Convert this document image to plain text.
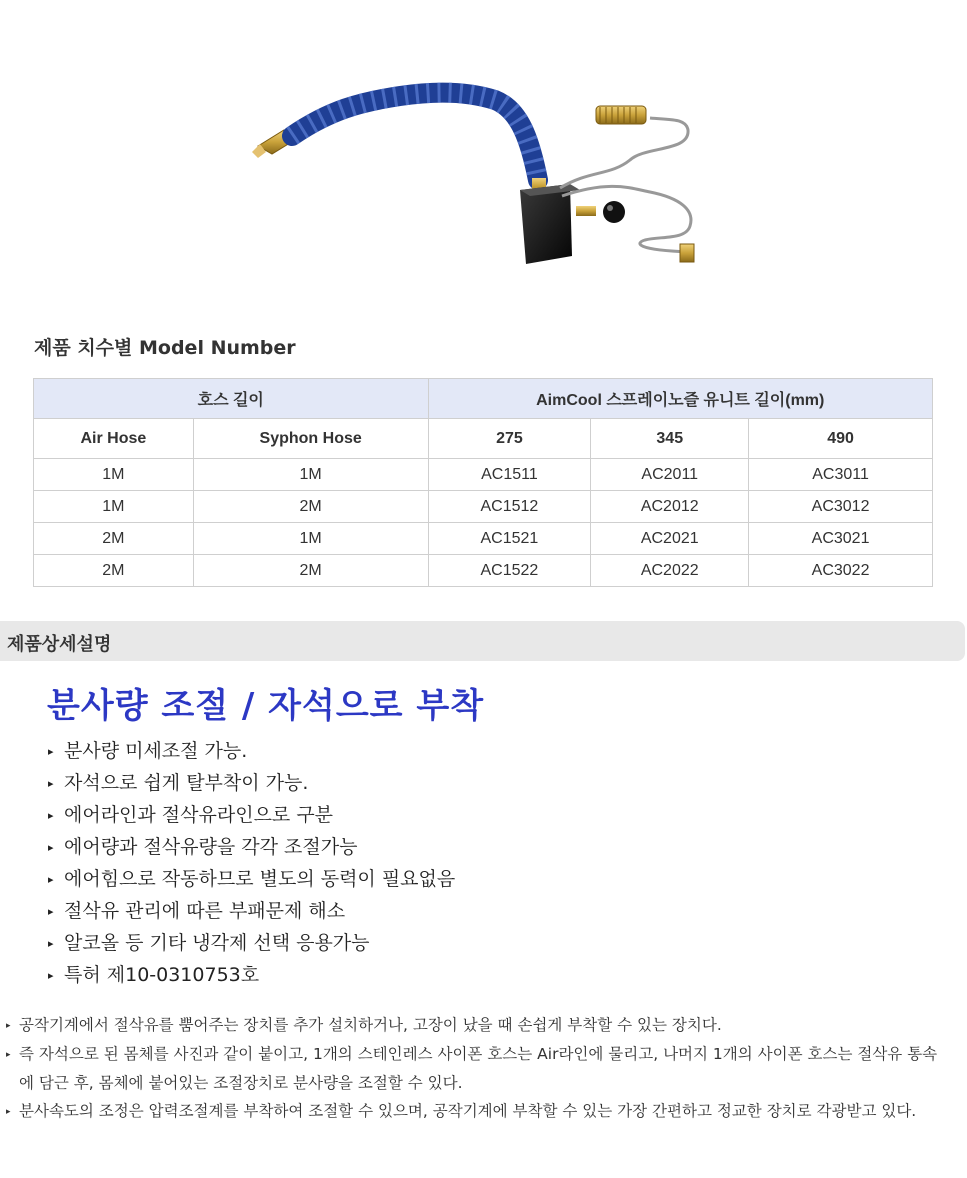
제품 치수별 Model Number
호스 길이		AimCool 스프레이노즐 유니트 길이(mm)		
Air Hose	Syphon Hose	275	345	490
1M	1M	AC1511	AC2011	AC3011
1M	2M	AC1512	AC2012	AC3012
2M	1M	AC1521	AC2021	AC3021
2M	2M	AC1522	AC2022	AC3022
제품상세설명
분사량 조절 / 자석으로 부착
▸ 분사량 미세조절 가능.
▸ 자석으로 쉽게 탈부착이 가능.
▸ 에어라인과 절삭유라인으로 구분
▸ 에어량과 절삭유량을 각각 조절가능
▸ 에어힘으로 작동하므로 별도의 동력이 필요없음
▸ 절삭유 관리에 따른 부패문제 해소
▸ 알코올 등 기타 냉각제 선택 응용가능
▸ 특허 제10-0310753호

▸ 공작기계에서 절삭유를 뿜어주는 장치를 추가 설치하거나, 고장이 났을 때 손쉽게 부착할 수 있는 장치다.

▸ 즉 자석으로 된 몸체를 사진과 같이 붙이고, 1개의 스테인레스 사이폰 호스는 Air라인에 물리고, 나머지 1개의 사이폰 호스는 절삭유 통속에 담근 후, 몸체에 붙어있는 조절장치로 분사량을 조절할 수 있다.

▸ 분사속도의 조정은 압력조절계를 부착하여 조절할 수 있으며, 공작기계에 부착할 수 있는 가장 간편하고 정교한 장치로 각광받고 있다.
